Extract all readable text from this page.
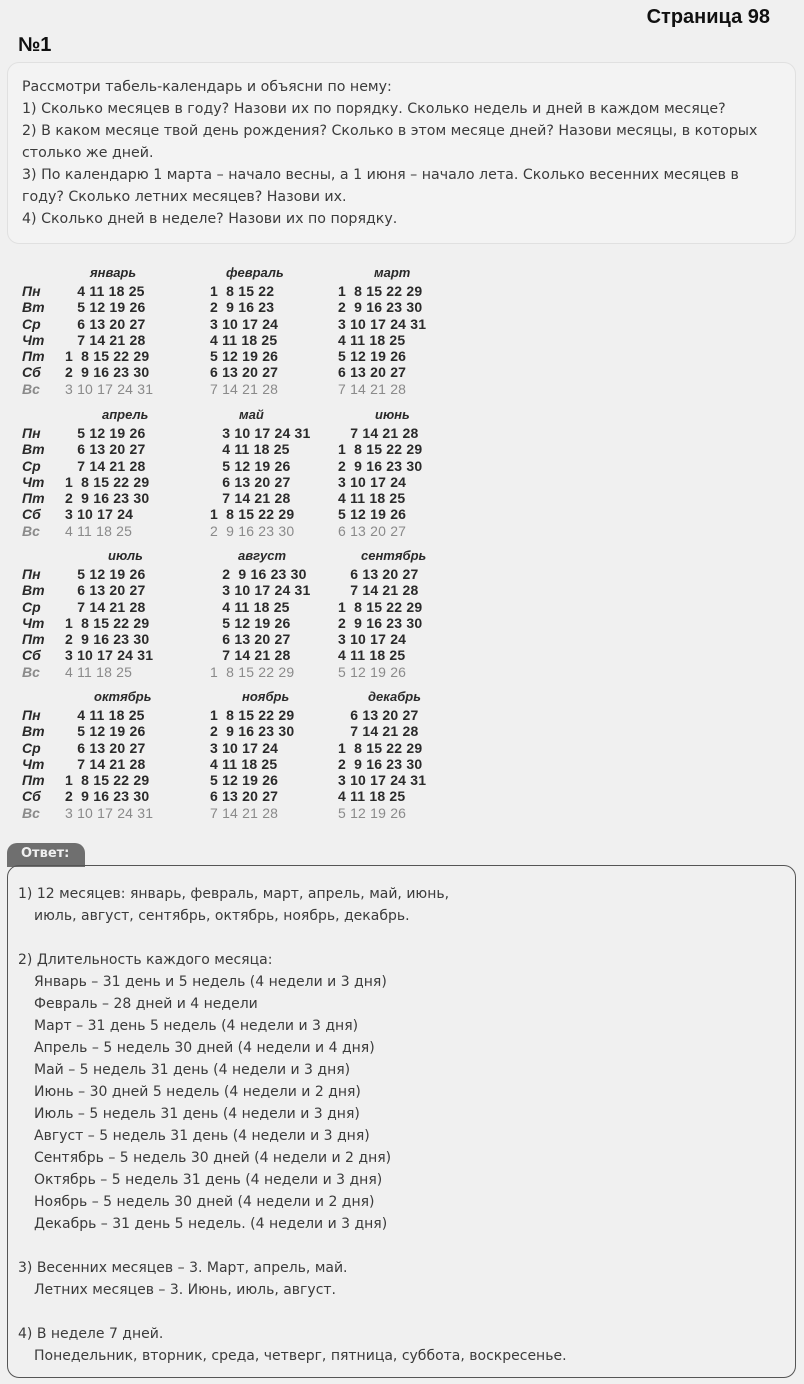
Страница 98
№1

Рассмотри табель-календарь и объясни по нему:

1) Сколько месяцев в году? Назови их по порядку. Сколько недель и дней в каждом месяце?

2) В каком месяце твой день рождения? Сколько в этом месяце дней? Назови месяцы, в которых

столько же дней.

3) По календарю 1 марта – начало весны, а 1 июня – начало лета. Сколько весенних месяцев в

году? Сколько летних месяцев? Назови их.

4) Сколько дней в неделе? Назови их по порядку.

Пн
Вт
Ср
Чт
Пт
Сб
Вс
январь
4 11 18 25
5 12 19 26
6 13 20 27
7 14 21 28
1  8 15 22 29
2  9 16 23 30
3 10 17 24 31
февраль
1  8 15 22
2  9 16 23
3 10 17 24
4 11 18 25
5 12 19 26
6 13 20 27
7 14 21 28
март
1  8 15 22 29
2  9 16 23 30
3 10 17 24 31
4 11 18 25
5 12 19 26
6 13 20 27
7 14 21 28
Пн
Вт
Ср
Чт
Пт
Сб
Вс
апрель
5 12 19 26
6 13 20 27
7 14 21 28
1  8 15 22 29
2  9 16 23 30
3 10 17 24
4 11 18 25
май
3 10 17 24 31
4 11 18 25
5 12 19 26
6 13 20 27
7 14 21 28
1  8 15 22 29
2  9 16 23 30
июнь
7 14 21 28
1  8 15 22 29
2  9 16 23 30
3 10 17 24
4 11 18 25
5 12 19 26
6 13 20 27
Пн
Вт
Ср
Чт
Пт
Сб
Вс
июль
5 12 19 26
6 13 20 27
7 14 21 28
1  8 15 22 29
2  9 16 23 30
3 10 17 24 31
4 11 18 25
август
2  9 16 23 30
3 10 17 24 31
4 11 18 25
5 12 19 26
6 13 20 27
7 14 21 28
1  8 15 22 29
сентябрь
6 13 20 27
7 14 21 28
1  8 15 22 29
2  9 16 23 30
3 10 17 24
4 11 18 25
5 12 19 26
Пн
Вт
Ср
Чт
Пт
Сб
Вс
октябрь
4 11 18 25
5 12 19 26
6 13 20 27
7 14 21 28
1  8 15 22 29
2  9 16 23 30
3 10 17 24 31
ноябрь
1  8 15 22 29
2  9 16 23 30
3 10 17 24
4 11 18 25
5 12 19 26
6 13 20 27
7 14 21 28
декабрь
6 13 20 27
7 14 21 28
1  8 15 22 29
2  9 16 23 30
3 10 17 24 31
4 11 18 25
5 12 19 26
Ответ:
1) 12 месяцев: январь, февраль, март, апрель, май, июнь,
июль, август, сентябрь, октябрь, ноябрь, декабрь.
2) Длительность каждого месяца:
Январь – 31 день и 5 недель (4 недели и 3 дня)
Февраль – 28 дней и 4 недели
Март – 31 день 5 недель (4 недели и 3 дня)
Апрель – 5 недель 30 дней (4 недели и 4 дня)
Май – 5 недель 31 день (4 недели и 3 дня)
Июнь – 30 дней 5 недель (4 недели и 2 дня)
Июль – 5 недель 31 день (4 недели и 3 дня)
Август – 5 недель 31 день (4 недели и 3 дня)
Сентябрь – 5 недель 30 дней (4 недели и 2 дня)
Октябрь – 5 недель 31 день (4 недели и 3 дня)
Ноябрь – 5 недель 30 дней (4 недели и 2 дня)
Декабрь – 31 день 5 недель. (4 недели и 3 дня)
3) Весенних месяцев – 3. Март, апрель, май.
Летних месяцев – 3. Июнь, июль, август.
4) В неделе 7 дней.
Понедельник, вторник, среда, четверг, пятница, суббота, воскресенье.
